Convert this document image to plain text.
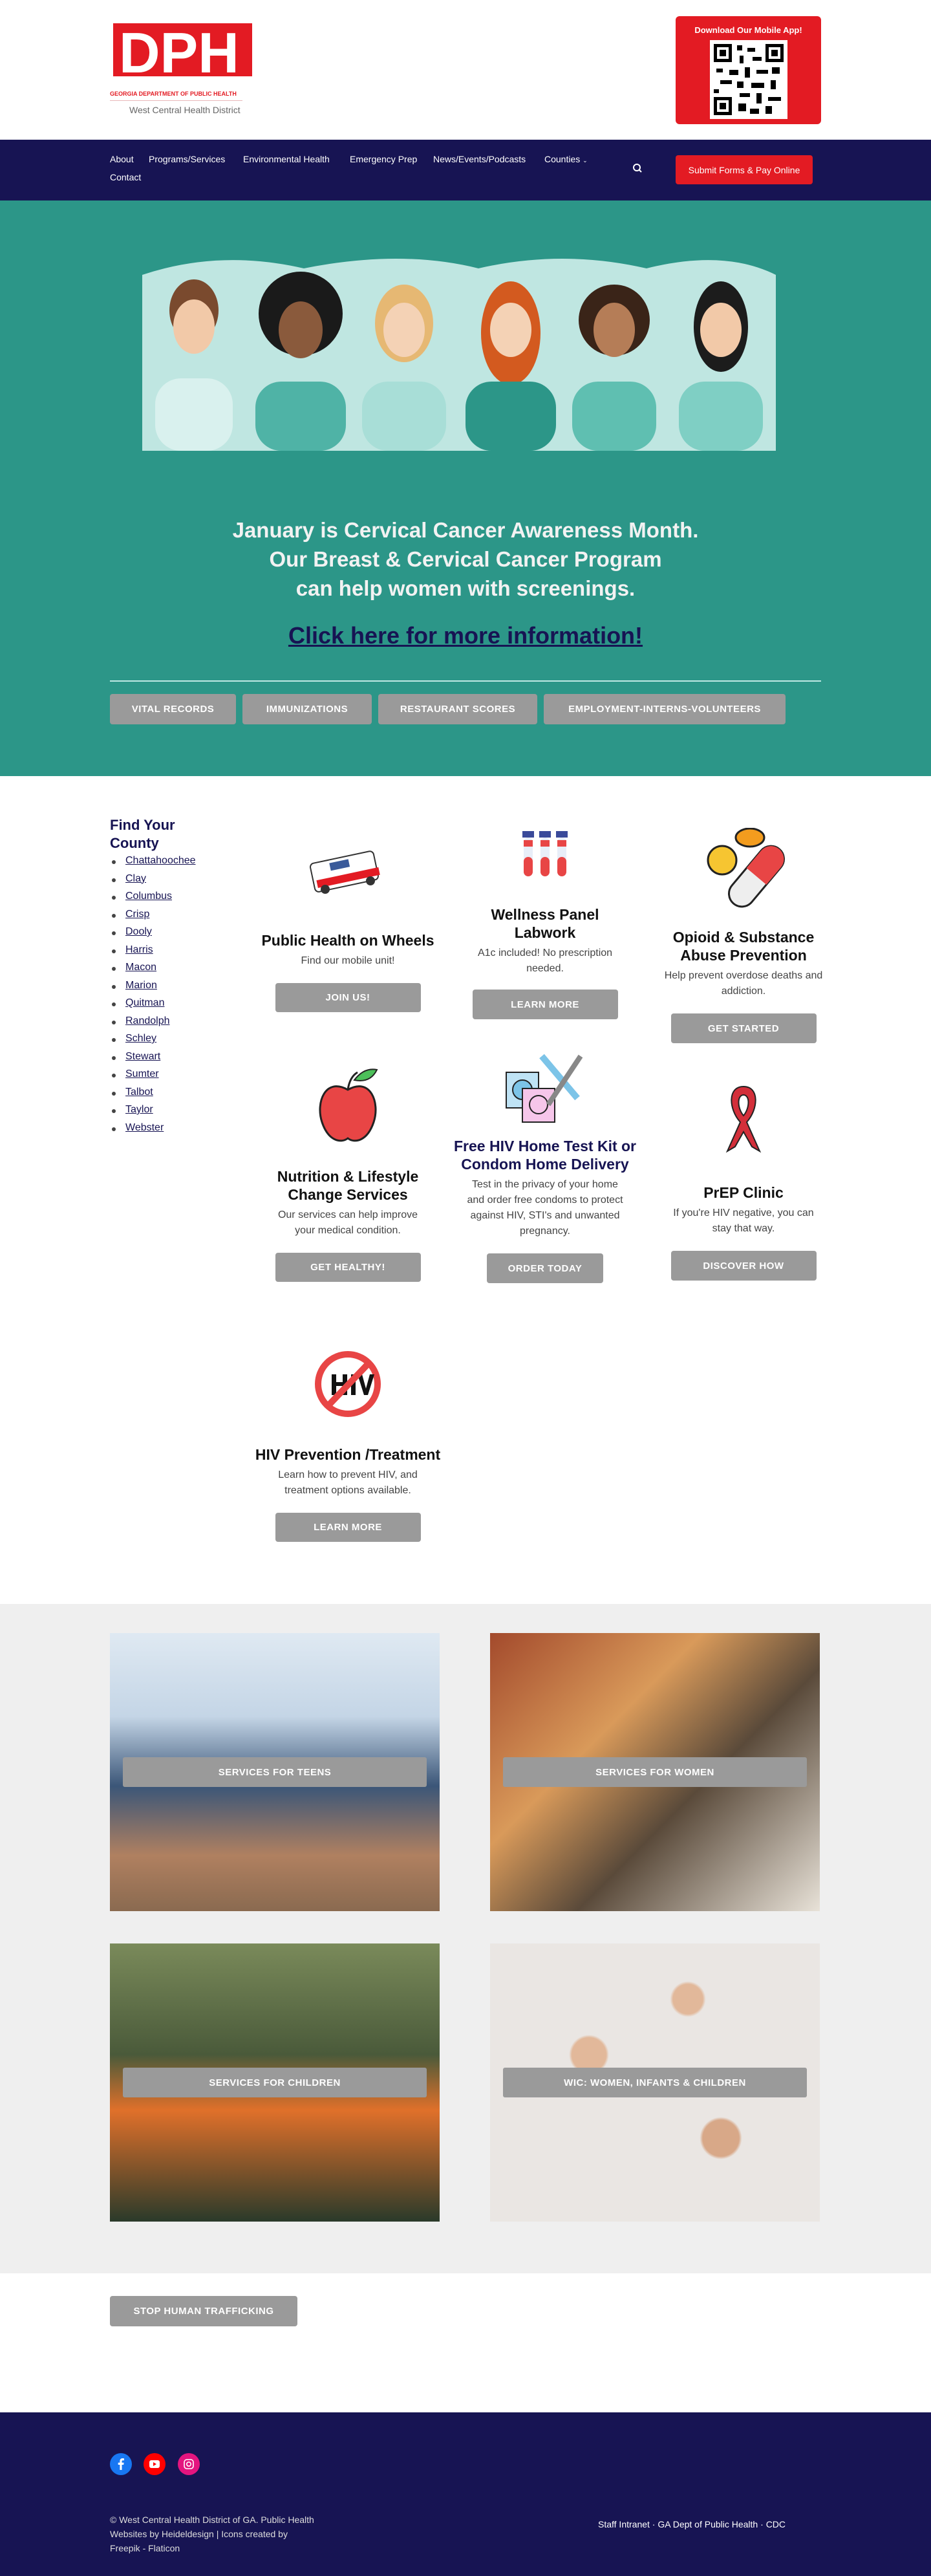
DPH
GEORGIA DEPARTMENT OF PUBLIC HEALTH
West Central Health District
Download Our Mobile App!
About Programs/Services Environmental Health Emergency Prep News/Events/Podcasts Counties ⌄
Contact
Submit Forms & Pay Online
January is Cervical Cancer Awareness Month.
Our Breast & Cervical Cancer Program
can help women with screenings.
Click here for more information!
VITAL RECORDS	IMMUNIZATIONS	RESTAURANT SCORES	EMPLOYMENT-INTERNS-VOLUNTEERS
Find Your County
Chattahoochee
Clay
Columbus
Crisp
Dooly
Harris
Macon
Marion
Quitman
Randolph
Schley
Stewart
Sumter
Talbot
Taylor
Webster
Public Health on Wheels

Find our mobile unit!

JOIN US!
Wellness Panel Labwork

A1c included! No prescription needed.

LEARN MORE
Opioid & Substance Abuse Prevention

Help prevent overdose deaths and addiction.

GET STARTED
Nutrition & Lifestyle Change Services

Our services can help improve your medical condition.

GET HEALTHY!
Free HIV Home Test Kit or Condom Home Delivery

Test in the privacy of your home and order free condoms to protect against HIV, STI's and unwanted pregnancy.

ORDER TODAY
PrEP Clinic

If you're HIV negative, you can stay that way.

DISCOVER HOW
HIV Prevention /Treatment

Learn how to prevent HIV, and treatment options available.

LEARN MORE
SERVICES FOR TEENS	SERVICES FOR WOMEN
SERVICES FOR CHILDREN	WIC: WOMEN, INFANTS & CHILDREN
STOP HUMAN TRAFFICKING
© West Central Health District of GA. Public Health
Websites by Heideldesign | Icons created by
Freepik - Flaticon
Staff Intranet · GA Dept of Public Health · CDC
